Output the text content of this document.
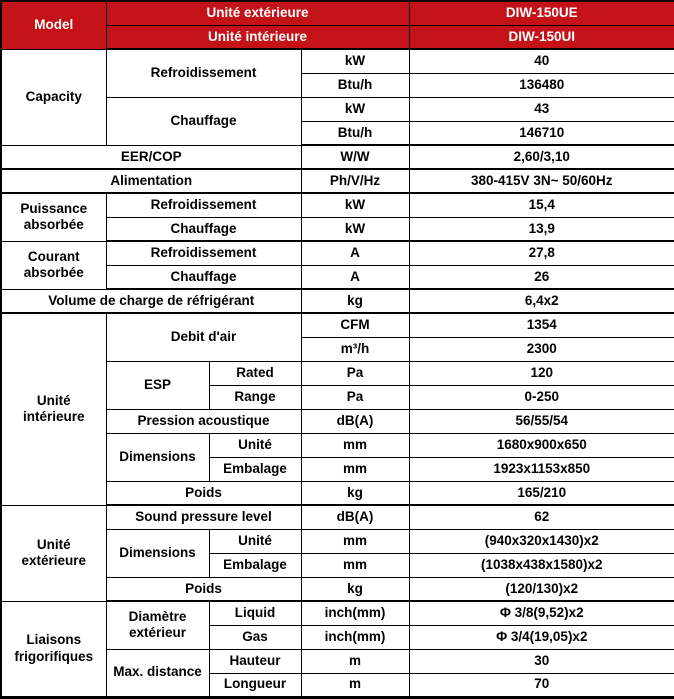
Model	Unité extérieure			DIW-150UE
	Unité intérieure			DIW-150UI
Capacity	Refroidissement		kW	40
			Btu/h	136480
	Chauffage		kW	43
			Btu/h	146710
EER/COP			W/W	2,60/3,10
Alimentation			Ph/V/Hz	380-415V 3N~ 50/60Hz
Puissance absorbée	Refroidissement		kW	15,4
	Chauffage		kW	13,9
Courant absorbée	Refroidissement		A	27,8
	Chauffage		A	26
Volume de charge de réfrigérant			kg	6,4x2
Unité intérieure	Debit d'air		CFM	1354
			m³/h	2300
	ESP	Rated	Pa	120
		Range	Pa	0-250
	Pression acoustique		dB(A)	56/55/54
	Dimensions	Unité	mm	1680x900x650
		Embalage	mm	1923x1153x850
	Poids		kg	165/210
Unité extérieure	Sound pressure level		dB(A)	62
	Dimensions	Unité	mm	(940x320x1430)x2
		Embalage	mm	(1038x438x1580)x2
	Poids		kg	(120/130)x2
Liaisons frigorifiques	Diamètre extérieur	Liquid	inch(mm)	Φ 3/8(9,52)x2
		Gas	inch(mm)	Φ 3/4(19,05)x2
	Max. distance	Hauteur	m	30
		Longueur	m	70
